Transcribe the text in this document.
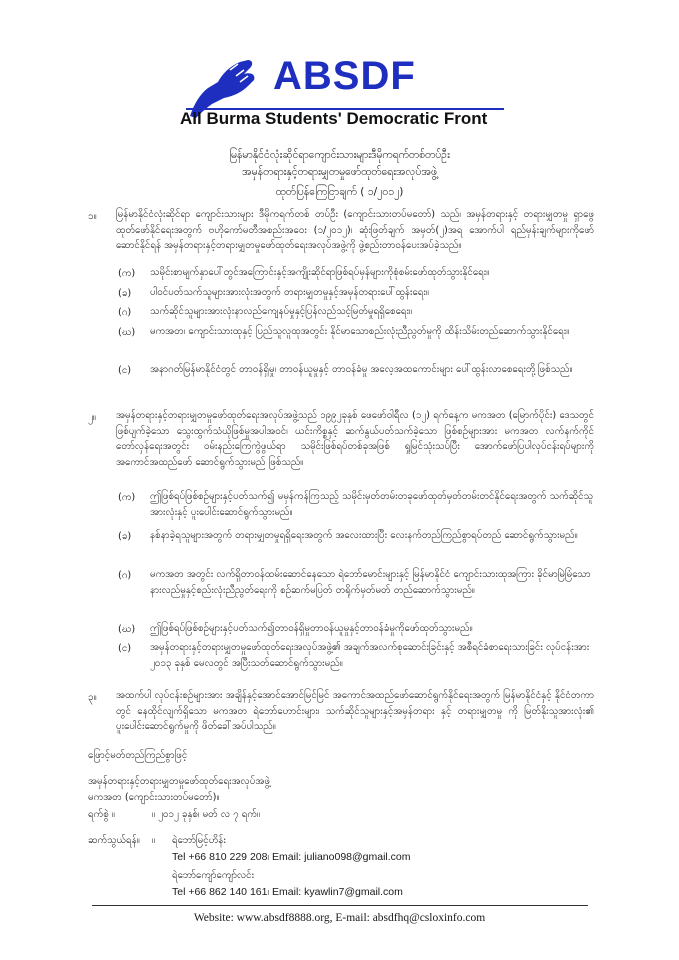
ABSDF
All Burma Students' Democratic Front
မြန်မာနိုင်ငံလုံးဆိုင်ရာကျောင်းသားများဒီမိုကရက်တစ်တပ်ဦး
အမှန်တရားနှင့်တရားမျှတမှုဖော်ထုတ်ရေးအလုပ်အဖွဲ့
ထုတ်ပြန်ကြေငြာချက် ( ၁/၂၀၁၂)
၁။ မြန်မာနိုင်ငံလုံးဆိုင်ရာ ကျောင်းသားများ ဒီမိုကရက်တစ် တပ်ဦး (ကျောင်းသားတပ်မတော်) သည်၊ အမှန်တရားနှင့် တရားမျှတမှု ရှာဖွေထုတ်ဖော်နိုင်ရေးအတွက် ဗဟိုကော်မတီအစည်းအဝေး (၁/၂၀၁၂)၊ ဆုံးဖြတ်ချက် အမှတ်(၂)အရ အောက်ပါ ရည်မှန်းချက်များကိုဖော်ဆောင်နိုင်ရန် အမှန်တရားနှင့်တရားမျှတမှုဖော်ထုတ်ရေးအလုပ်အဖွဲ့ကို ဖွဲ့စည်းတာဝန်ပေးအပ်ခဲ့သည်။
(က) သမိုင်းစာမျက်နှာပေါ်တွင်အကြောင်းနှင့်အကျိုးဆိုင်ရာဖြစ်ရပ်မှန်များကိုစုံစမ်းဖော်ထုတ်သွားနိုင်ရေး။
(ခ) ပါဝင်ပတ်သက်သူများအားလုံးအတွက် တရားမျှတမှုနှင့်အမှန်တရားပေါ်ထွန်းရေး။
(ဂ) သက်ဆိုင်သူများအားလုံးနာလည်ကျေနပ်မှုနှင့်ပြန်လည်သင့်မြတ်မှုရရှိစေရေး။
(ဃ) မကအတ၊ ကျောင်းသားထုနှင့် ပြည်သူလူထုအတွင်း နိုင်မာသောစည်းလုံးညီညွတ်မှုကို ထိန်းသိမ်းတည်ဆောက်သွားနိုင်ရေး။
(င) အနာဂတ်မြန်မာနိုင်ငံတွင် တာဝန်ရှိမှု၊ တာဝန်ယူမှုနှင့် တာဝန်ခံမှု အလေ့အထကောင်းများ ပေါ်ထွန်းလာစေရေးတို့ဖြစ်သည်။
၂။ အမှန်တရားနှင့်တရားမျှတမှုဖော်ထုတ်ရေးအလုပ်အဖွဲ့သည် ၁၉၉၂ခုနှစ် ဖေဖော်ဝါရီလ (၁၂) ရက်နေ့က မကအတ (မြောက်ပိုင်း) ဒေသတွင် ဖြစ်ပျက်ခဲ့သော သွေးထွက်သံယိုဖြစ်မှုအပါအဝင်၊ ယင်းကိစ္စနှင့် ဆက်နွယ်ပတ်သက်ခဲ့သော ဖြစ်စဉ်များအား မကအတ လက်နက်ကိုင်တော်လှန်ရေးအတွင်း ဝမ်းနည်းကြေကွဲဖွယ်ရာ သမိုင်းဖြစ်ရပ်တစ်ခုအဖြစ် ရှုမြင်သုံးသပ်ပြီး အောက်ဖော်ပြပါလုပ်ငန်းရပ်များကို အကောင်အထည်ဖော် ဆောင်ရွက်သွားမည် ဖြစ်သည်။
(က) ဤဖြစ်ရပ်ဖြစ်စဉ်များနှင့်ပတ်သက်၍ မမှန်ကန်ကြသည့် သမိုင်းမှတ်တမ်းတခုဖော်ထုတ်မှတ်တမ်းတင်နိုင်ရေးအတွက် သက်ဆိုင်သူအားလုံးနှင့် ပူးပေါင်းဆောင်ရွက်သွားမည်။
(ခ) နစ်နာခဲ့ရသူများအတွက် တရားမျှတမှုရရှိရေးအတွက် အလေးထားပြီး လေးနက်တည်ကြည်စွာရပ်တည် ဆောင်ရွက်သွားမည်။
(ဂ) မကအတ အတွင်း လက်ရှိတာဝန်ထမ်းဆောင်နေသော ရဲဘော်မောင်းများနှင့် မြန်မာနိုင်ငံ ကျောင်းသားထုအကြား ခိုင်မာမြဲမြံသော နားလည်မှုနှင့်စည်းလုံးညီညွတ်ရေးကို စဉ်ဆက်မပြတ် တရိုက်မှတ်မတ် တည်ဆောက်သွားမည်။
(ဃ) ဤဖြစ်ရပ်ဖြစ်စဉ်များနှင့်ပတ်သက်၍တာဝန်ရှိမှုတာဝန်ယူမှုနှင့်တာဝန်ခံမှုကိုဖော်ထုတ်သွားမည်။
(င) အမှန်တရားနှင့်တရားမျှတမှုဖော်ထုတ်ရေးအလုပ်အဖွဲ့၏ အချက်အလက်စုဆောင်းခြင်းနှင့် အစီရင်ခံစာရေးသားခြင်း လုပ်ငန်းအား ၂၀၁၃ ခုနှစ် မေလတွင် အပြီးသတ်ဆောင်ရွက်သွားမည်။
၃။ အထက်ပါ လုပ်ငန်းစဉ်များအား အချိန်နှင့်အောင်အောင်မြင်မြင် အကောင်အထည်ဖော်ဆောင်ရွက်နိုင်ရေးအတွက် မြန်မာနိုင်ငံနှင့် နိုင်ငံတကာတွင် နေထိုင်လျက်ရှိသော မကအတ ရဲဘော်ဟောင်းများ၊ သက်ဆိုင်သူများနှင့်အမှန်တရား နှင့် တရားမျှတမှု ကို မြတ်နိုးသူအားလုံး၏ ပူးပေါင်းဆောင်ရွက်မှုကို ဖိတ်ခေါ်အပ်ပါသည်။
ဖြောင့်မတ်တည်ကြည်စွာဖြင့်
အမှန်တရားနှင့်တရားမျှတမှုဖော်ထုတ်ရေးအလုပ်အဖွဲ့
မကအတ (ကျောင်းသားတပ်မတော်)။
ရက်စွဲ ။	။ ၂၀၁၂ ခုနှစ်၊ မတ် လ ၇ ရက်။
ဆက်သွယ်ရန်။ ။ ရဲဘော်မြင့်ဟိန်း
Tel +66 810 229 208၊ Email: juliano098@gmail.com
ရဲဘော်ကျော်ကျော်လင်း
Tel +66 862 140 161၊ Email: kyawlin7@gmail.com
Website: www.absdf8888.org, E-mail: absdfhq@csloxinfo.com
